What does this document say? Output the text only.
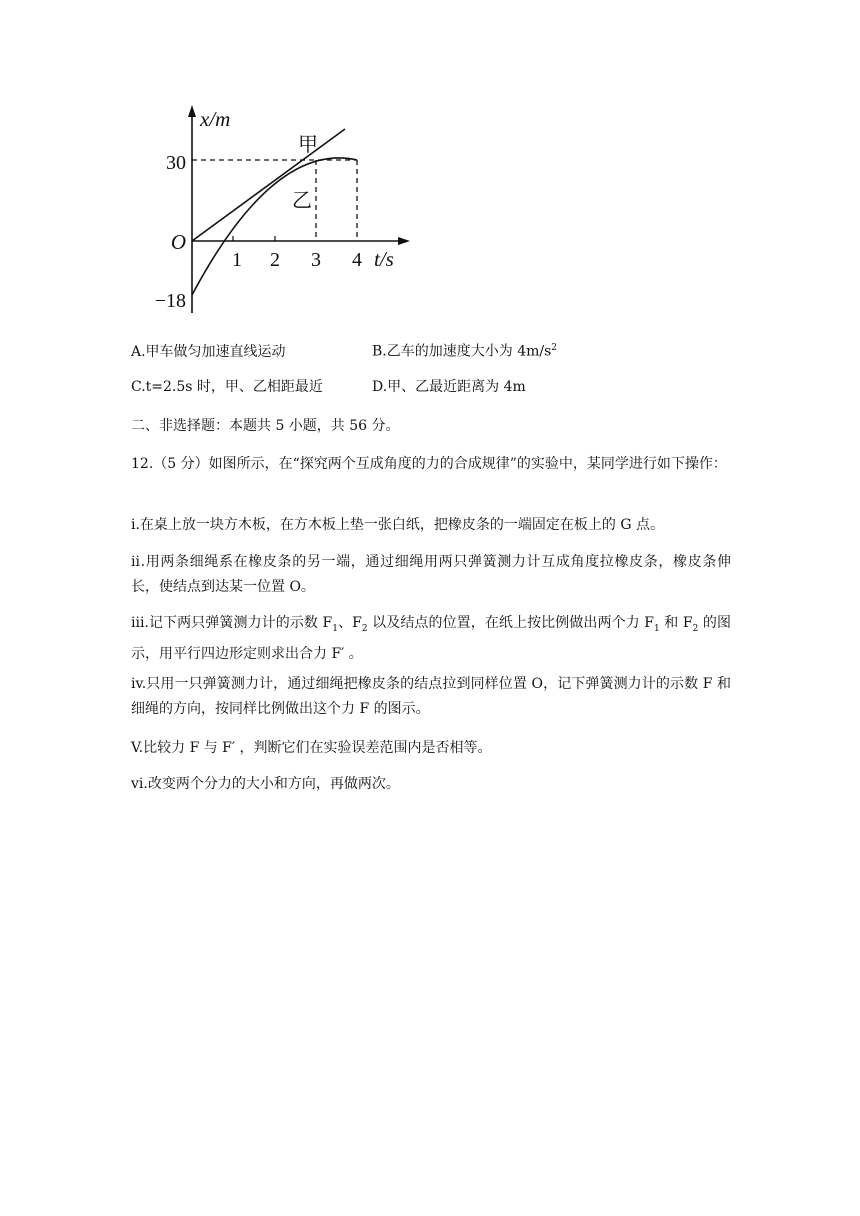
x/m
30
O
−18
1 2 3 4 t/s
甲
乙
A.甲车做匀加速直线运动	B.乙车的加速度大小为 $4m/s^2$
C.t=2.5s 时，甲、乙相距最近	D.甲、乙最近距离为 4m
二、非选择题：本题共 5 小题，共 56 分。
12.（5 分）如图所示，在“探究两个互成角度的力的合成规律”的实验中，某同学进行如下操作：
i.在桌上放一块方木板，在方木板上垫一张白纸，把橡皮条的一端固定在板上的 G 点。
ⅱ.用两条细绳系在橡皮条的另一端，通过细绳用两只弹簧测力计互成角度拉橡皮条，橡皮条伸长，使结点到达某一位置 O。
iii.记下两只弹簧测力计的示数 $F_1$、$F_2$ 以及结点的位置，在纸上按比例做出两个力 $F_1$ 和 $F_2$ 的图示，用平行四边形定则求出合力 F′ 。
iv.只用一只弹簧测力计，通过细绳把橡皮条的结点拉到同样位置 O，记下弹簧测力计的示数 F 和细绳的方向，按同样比例做出这个力 F 的图示。
V.比较力 F 与 F′ ，判断它们在实验误差范围内是否相等。
ⅵ.改变两个分力的大小和方向，再做两次。
